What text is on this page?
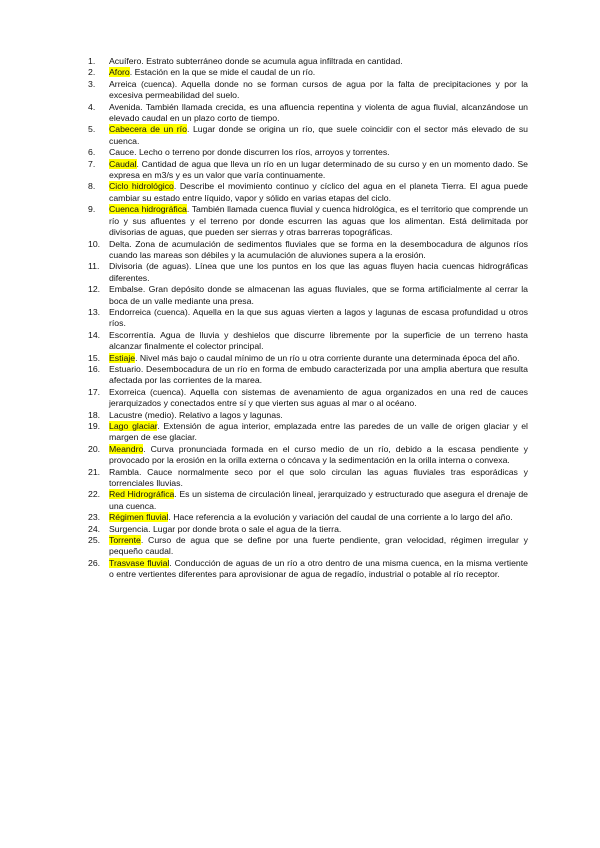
1.	Acuífero. Estrato subterráneo donde se acumula agua infiltrada en cantidad.
2.	Aforo. Estación en la que se mide el caudal de un río.
3.	Arreica (cuenca). Aquella donde no se forman cursos de agua por la falta de precipitaciones y por la excesiva permeabilidad del suelo.
4.	Avenida. También llamada crecida, es una afluencia repentina y violenta de agua fluvial, alcanzándose un elevado caudal en un plazo corto de tiempo.
5.	Cabecera de un río. Lugar donde se origina un río, que suele coincidir con el sector más elevado de su cuenca.
6.	Cauce. Lecho o terreno por donde discurren los ríos, arroyos y torrentes.
7.	Caudal. Cantidad de agua que lleva un río en un lugar determinado de su curso y en un momento dado. Se expresa en m3/s y es un valor que varía continuamente.
8.	Ciclo hidrológico. Describe el movimiento continuo y cíclico del agua en el planeta Tierra. El agua puede cambiar su estado entre líquido, vapor y sólido en varias etapas del ciclo.
9.	Cuenca hidrográfica. También llamada cuenca fluvial y cuenca hidrológica, es el territorio que comprende un río y sus afluentes y el terreno por donde escurren las aguas que los alimentan. Está delimitada por divisorias de aguas, que pueden ser sierras y otras barreras topográficas.
10.	Delta. Zona de acumulación de sedimentos fluviales que se forma en la desembocadura de algunos ríos cuando las mareas son débiles y la acumulación de aluviones supera a la erosión.
11.	Divisoria (de aguas). Línea que une los puntos en los que las aguas fluyen hacia cuencas hidrográficas diferentes.
12.	Embalse. Gran depósito donde se almacenan las aguas fluviales, que se forma artificialmente al cerrar la boca de un valle mediante una presa.
13.	Endorreica (cuenca). Aquella en la que sus aguas vierten a lagos y lagunas de escasa profundidad u otros ríos.
14.	Escorrentía. Agua de lluvia y deshielos que discurre libremente por la superficie de un terreno hasta alcanzar finalmente el colector principal.
15.	Estiaje. Nivel más bajo o caudal mínimo de un río u otra corriente durante una determinada época del año.
16.	Estuario. Desembocadura de un río en forma de embudo caracterizada por una amplia abertura que resulta afectada por las corrientes de la marea.
17.	Exorreica (cuenca). Aquella con sistemas de avenamiento de agua organizados en una red de cauces jerarquizados y conectados entre sí y que vierten sus aguas al mar o al océano.
18.	Lacustre (medio). Relativo a lagos y lagunas.
19.	Lago glaciar. Extensión de agua interior, emplazada entre las paredes de un valle de origen glaciar y el margen de ese glaciar.
20.	Meandro. Curva pronunciada formada en el curso medio de un río, debido a la escasa pendiente y provocado por la erosión en la orilla externa o cóncava y la sedimentación en la orilla interna o convexa.
21.	Rambla. Cauce normalmente seco por el que solo circulan las aguas fluviales tras esporádicas y torrenciales lluvias.
22.	Red Hidrográfica. Es un sistema de circulación lineal, jerarquizado y estructurado que asegura el drenaje de una cuenca.
23.	Régimen fluvial. Hace referencia a la evolución y variación del caudal de una corriente a lo largo del año.
24.	Surgencia. Lugar por donde brota o sale el agua de la tierra.
25.	Torrente. Curso de agua que se define por una fuerte pendiente, gran velocidad, régimen irregular y pequeño caudal.
26.	Trasvase fluvial. Conducción de aguas de un río a otro dentro de una misma cuenca, en la misma vertiente o entre vertientes diferentes para aprovisionar de agua de regadío, industrial o potable al río receptor.
